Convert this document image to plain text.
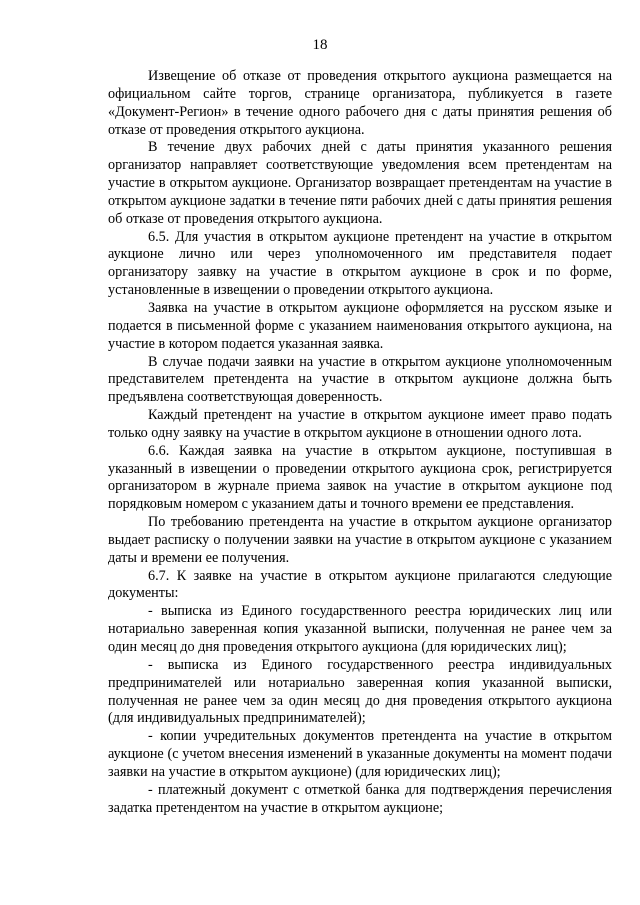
18

Извещение об отказе от проведения открытого аукциона размещается на официальном сайте торгов, странице организатора, публикуется в газете «Документ-Регион» в течение одного рабочего дня с даты принятия решения об отказе от проведения открытого аукциона.

В течение двух рабочих дней с даты принятия указанного решения организатор направляет соответствующие уведомления всем претендентам на участие в открытом аукционе. Организатор возвращает претендентам на участие в открытом аукционе задатки в течение пяти рабочих дней с даты принятия решения об отказе от проведения открытого аукциона.

6.5. Для участия в открытом аукционе претендент на участие в открытом аукционе лично или через уполномоченного им представителя подает организатору заявку на участие в открытом аукционе в срок и по форме, установленные в извещении о проведении открытого аукциона.

Заявка на участие в открытом аукционе оформляется на русском языке и подается в письменной форме с указанием наименования открытого аукциона, на участие в котором подается указанная заявка.

В случае подачи заявки на участие в открытом аукционе уполномоченным представителем претендента на участие в открытом аукционе должна быть предъявлена соответствующая доверенность.

Каждый претендент на участие в открытом аукционе имеет право подать только одну заявку на участие в открытом аукционе в отношении одного лота.

6.6. Каждая заявка на участие в открытом аукционе, поступившая в указанный в извещении о проведении открытого аукциона срок, регистрируется организатором в журнале приема заявок на участие в открытом аукционе под порядковым номером с указанием даты и точного времени ее представления.

По требованию претендента на участие в открытом аукционе организатор выдает расписку о получении заявки на участие в открытом аукционе с указанием даты и времени ее получения.

6.7. К заявке на участие в открытом аукционе прилагаются следующие документы:

- выписка из Единого государственного реестра юридических лиц или нотариально заверенная копия указанной выписки, полученная не ранее чем за один месяц до дня проведения открытого аукциона (для юридических лиц);

- выписка из Единого государственного реестра индивидуальных предпринимателей или нотариально заверенная копия указанной выписки, полученная не ранее чем за один месяц до дня проведения открытого аукциона (для индивидуальных предпринимателей);

- копии учредительных документов претендента на участие в открытом аукционе (с учетом внесения изменений в указанные документы на момент подачи заявки на участие в открытом аукционе) (для юридических лиц);

- платежный документ с отметкой банка для подтверждения перечисления задатка претендентом на участие в открытом аукционе;
